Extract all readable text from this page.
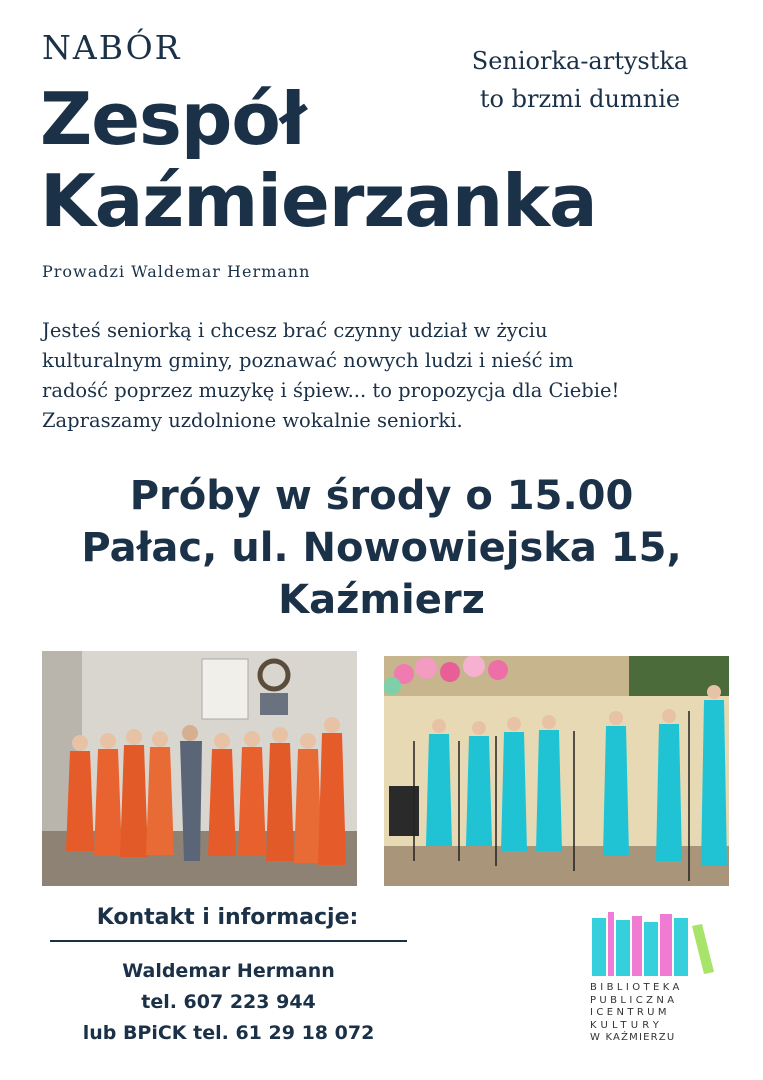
NABÓR	Seniorka-artystka
to brzmi dumnie
Zespół
Kaźmierzanka
Prowadzi Waldemar Hermann
Jesteś seniorką i chcesz brać czynny udział w życiu
kulturalnym gminy, poznawać nowych ludzi i nieść im
radość poprzez muzykę i śpiew... to propozycja dla Ciebie!
Zapraszamy uzdolnione wokalnie seniorki.
Próby w środy o 15.00
Pałac, ul. Nowowiejska 15,
Kaźmierz
Kontakt i informacje:
Waldemar Hermann
tel. 607 223 944
lub BPiCK tel. 61 29 18 072
BIBLIOTEKA
PUBLICZNA
ICENTRUM
KULTURY
W KAŹMIERZU
